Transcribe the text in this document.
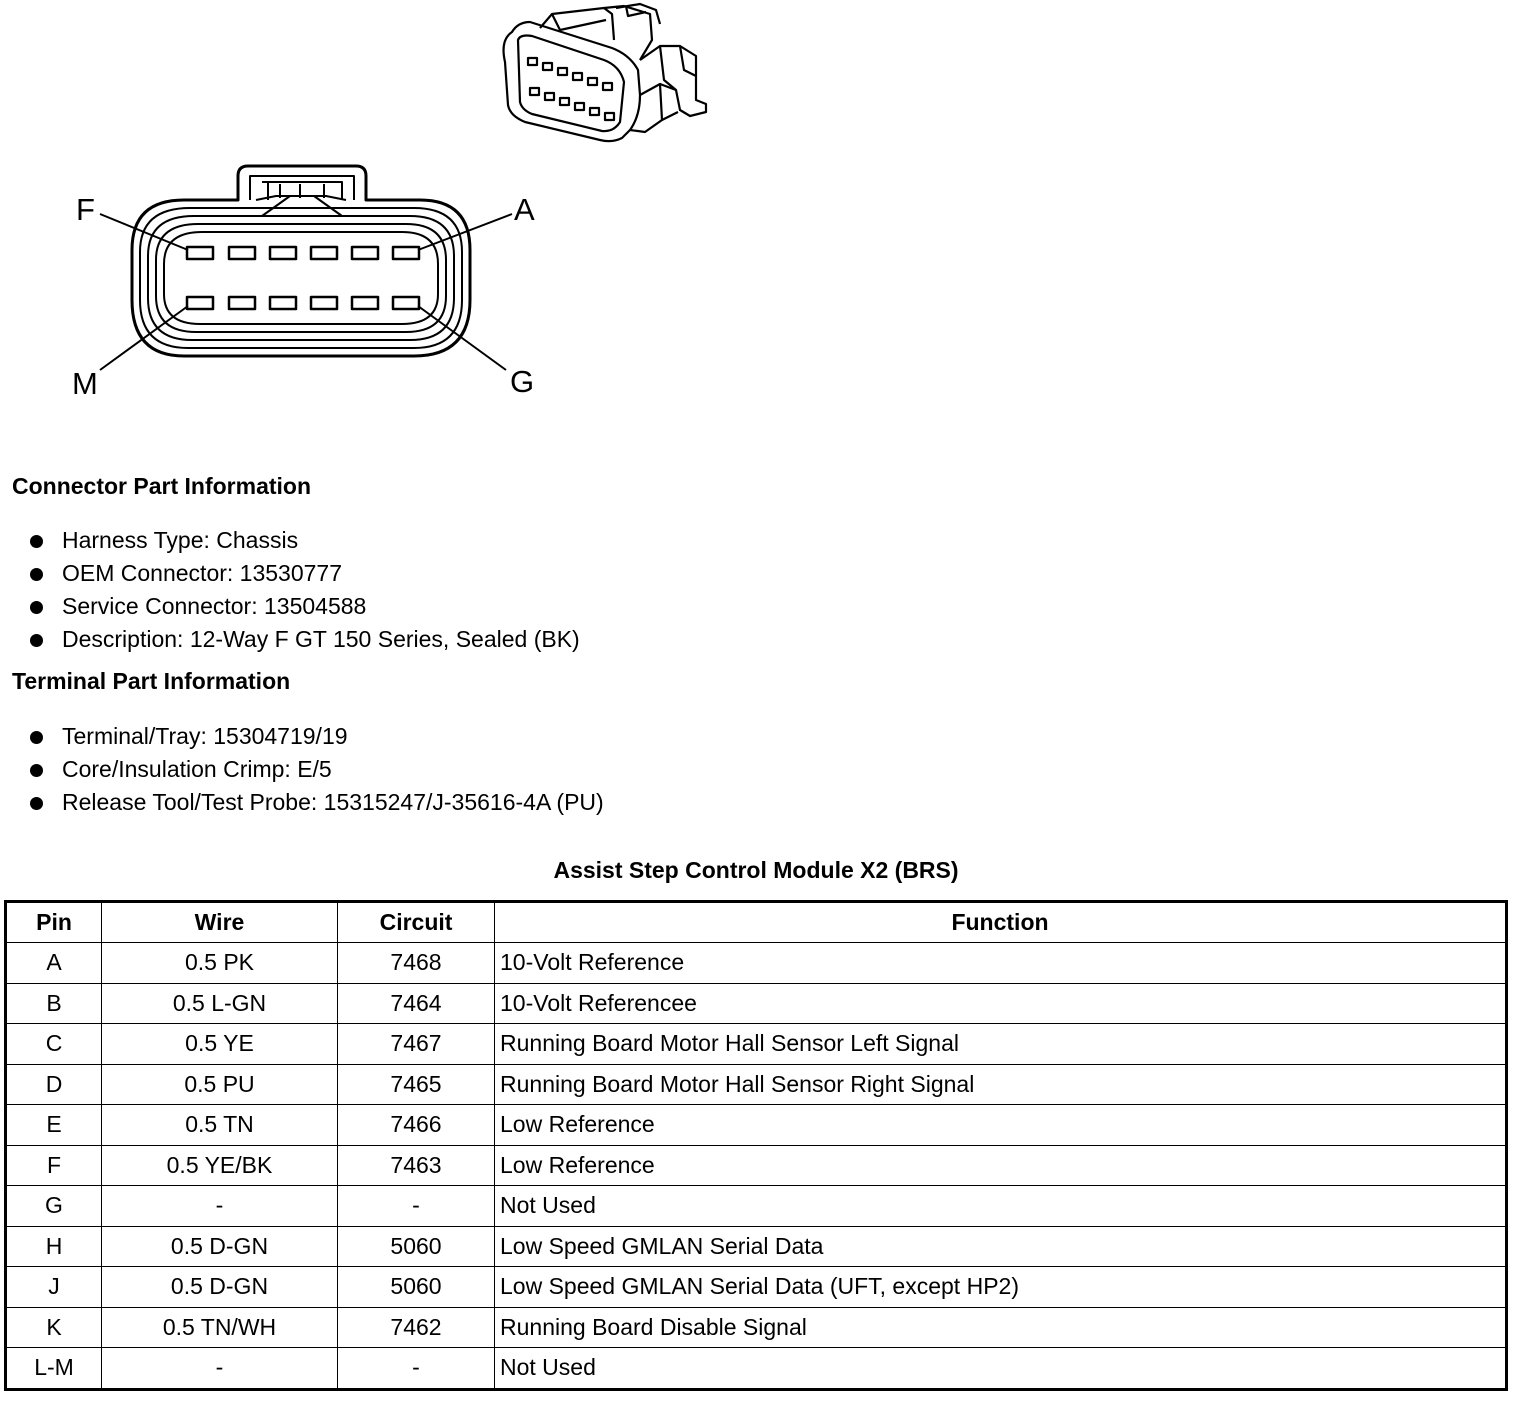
F	A
M	G
Connector Part Information
Harness Type: Chassis
OEM Connector: 13530777
Service Connector: 13504588
Description: 12-Way F GT 150 Series, Sealed (BK)
Terminal Part Information
Terminal/Tray: 15304719/19
Core/Insulation Crimp: E/5
Release Tool/Test Probe: 15315247/J-35616-4A (PU)
Assist Step Control Module X2 (BRS)
Pin	Wire	Circuit	Function
A	0.5 PK	7468	10-Volt Reference
B	0.5 L-GN	7464	10-Volt Referencee
C	0.5 YE	7467	Running Board Motor Hall Sensor Left Signal
D	0.5 PU	7465	Running Board Motor Hall Sensor Right Signal
E	0.5 TN	7466	Low Reference
F	0.5 YE/BK	7463	Low Reference
G	-	-	Not Used
H	0.5 D-GN	5060	Low Speed GMLAN Serial Data
J	0.5 D-GN	5060	Low Speed GMLAN Serial Data (UFT, except HP2)
K	0.5 TN/WH	7462	Running Board Disable Signal
L-M	-	-	Not Used
